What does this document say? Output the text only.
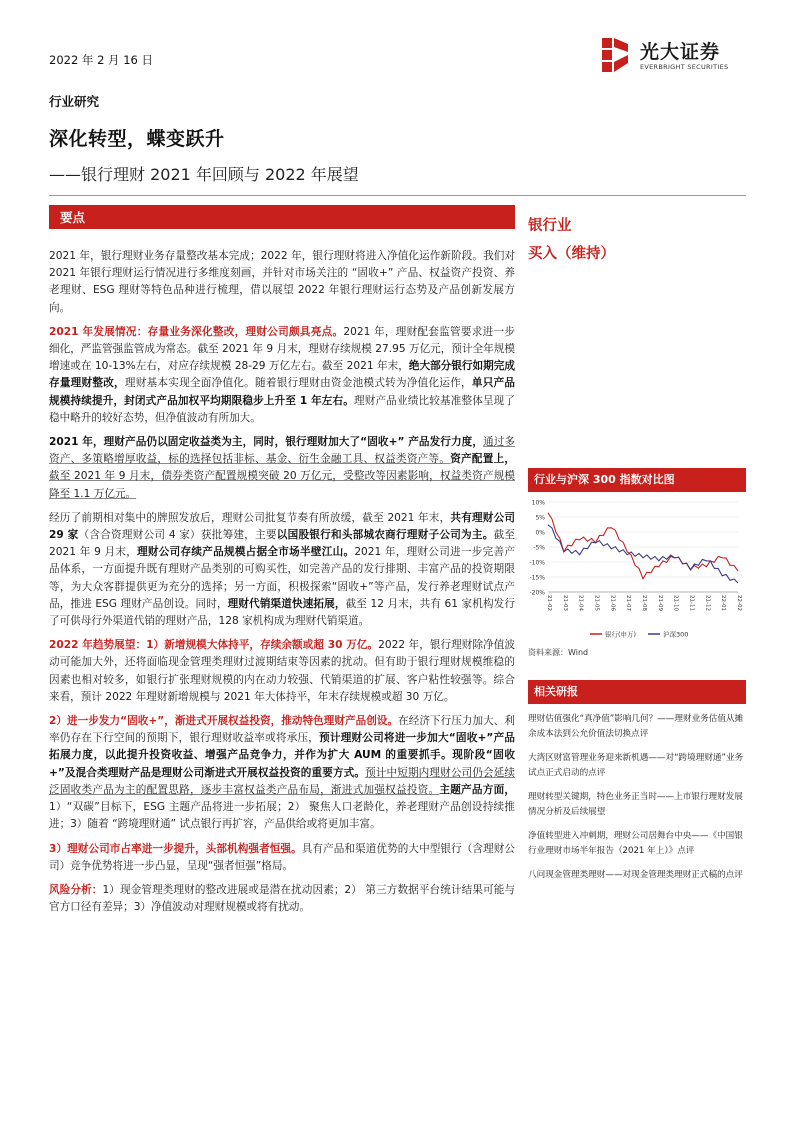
2022 年 2 月 16 日	光大证券
EVERBRIGHT SECURITIES
行业研究
深化转型，蝶变跃升
——银行理财 2021 年回顾与 2022 年展望
要点
银行业
买入（维持）

2021 年，银行理财业务存量整改基本完成；2022 年，银行理财将进入净值化运作新阶段。我们对 2021 年银行理财运行情况进行多维度刻画，并针对市场关注的 “固收+” 产品、权益资产投资、养老理财、ESG 理财等特色品种进行梳理，借以展望 2022 年银行理财运行态势及产品创新发展方向。

2021 年发展情况：存量业务深化整改，理财公司颇具亮点。2021 年，理财配套监管要求进一步细化，严监管强监管成为常态。截至 2021 年 9 月末，理财存续规模 27.95 万亿元，预计全年规模增速或在 10-13%左右，对应存续规模 28-29 万亿左右。截至 2021 年末，绝大部分银行如期完成存量理财整改，理财基本实现全面净值化。随着银行理财由资金池模式转为净值化运作，单只产品规模持续提升，封闭式产品加权平均期限稳步上升至 1 年左右。理财产品业绩比较基准整体呈现了稳中略升的较好态势，但净值波动有所加大。

2021 年，理财产品仍以固定收益类为主，同时，银行理财加大了“固收+” 产品发行力度，通过多资产、多策略增厚收益，标的选择包括非标、基金、衍生金融工具、权益类资产等。资产配置上，截至 2021 年 9 月末，债券类资产配置规模突破 20 万亿元，受整改等因素影响，权益类资产规模降至 1.1 万亿元。

经历了前期相对集中的牌照发放后，理财公司批复节奏有所放缓，截至 2021 年末，共有理财公司 29 家（含合资理财公司 4 家）获批筹建，主要以国股银行和头部城农商行理财子公司为主。截至 2021 年 9 月末，理财公司存续产品规模占据全市场半壁江山。2021 年，理财公司进一步完善产品体系，一方面提升既有理财产品类别的可购买性，如完善产品的发行排期、丰富产品的投资期限等，为大众客群提供更为充分的选择；另一方面，积极探索“固收+”等产品，发行养老理财试点产品，推进 ESG 理财产品创设。同时，理财代销渠道快速拓展，截至 12 月末，共有 61 家机构发行了可供母行外渠道代销的理财产品，128 家机构成为理财代销渠道。

2022 年趋势展望：1）新增规模大体持平，存续余额或超 30 万亿。2022 年，银行理财除净值波动可能加大外，还将面临现金管理类理财过渡期结束等因素的扰动。但有助于银行理财规模维稳的因素也相对较多，如银行扩张理财规模的内在动力较强、代销渠道的扩展、客户粘性较强等。综合来看，预计 2022 年理财新增规模与 2021 年大体持平，年末存续规模或超 30 万亿。

2）进一步发力“固收+”，渐进式开展权益投资，推动特色理财产品创设。在经济下行压力加大、利率仍存在下行空间的预期下，银行理财收益率或将承压，预计理财公司将进一步加大“固收+”产品拓展力度，以此提升投资收益、增强产品竞争力，并作为扩大 AUM 的重要抓手。现阶段“固收+”及混合类理财产品是理财公司渐进式开展权益投资的重要方式。预计中短期内理财公司仍会延续泛固收类产品为主的配置思路，逐步丰富权益类产品布局，渐进式加强权益投资。主题产品方面，1）“双碳”目标下，ESG 主题产品将进一步拓展；2） 聚焦人口老龄化，养老理财产品创设持续推进；3）随着 “跨境理财通” 试点银行再扩容，产品供给或将更加丰富。

3）理财公司市占率进一步提升，头部机构强者恒强。具有产品和渠道优势的大中型银行（含理财公司）竞争优势将进一步凸显，呈现“强者恒强”格局。

风险分析：1）现金管理类理财的整改进展或是潜在扰动因素；2） 第三方数据平台统计结果可能与官方口径有差异；3）净值波动对理财规模或将有扰动。

行业与沪深 300 指数对比图
10%
5%
0%
-5%
-10%
-15%
-20%
21-02 21-03 21-04 21-05 21-06 21-07 21-08 21-09 21-10 21-11 21-12 22-01 22-02
银行(申万)	沪深300
资料来源：Wind
相关研报
理财估值强化“真净值”影响几何？——理财业务估值从摊余成本法到公允价值法切换点评
大湾区财富管理业务迎来新机遇——对“跨境理财通”业务试点正式启动的点评
理财转型关键期，特色业务正当时——上市银行理财发展情况分析及后续展望
净值转型进入冲刺期，理财公司居舞台中央——《中国银行业理财市场半年报告（2021 年上）》点评
八问现金管理类理财——对现金管理类理财正式稿的点评
